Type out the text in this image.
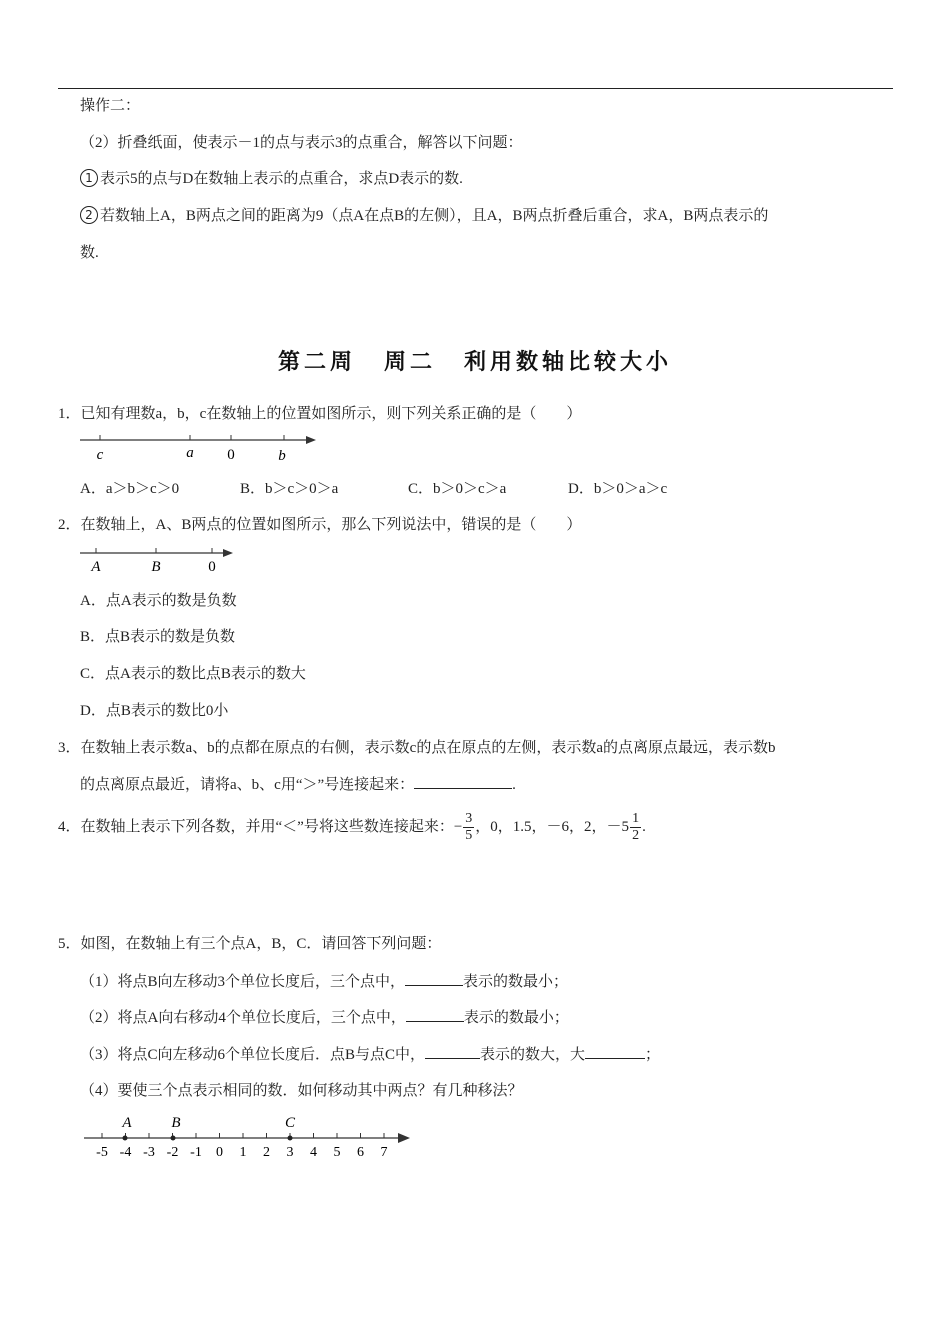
操作二：
（2）折叠纸面，使表示－1的点与表示3的点重合，解答以下问题：
1 表示5的点与D在数轴上表示的点重合，求点D表示的数.
2 若数轴上A，B两点之间的距离为9（点A在点B的左侧），且A，B两点折叠后重合，求A，B两点表示的
数.
第二周 周二 利用数轴比较大小
1．已知有理数a，b，c在数轴上的位置如图所示，则下列关系正确的是（　　）
c	a 0	b
A．a＞b＞c＞0	B．b＞c＞0＞a	C．b＞0＞c＞a	D．b＞0＞a＞c
2．在数轴上，A、B两点的位置如图所示，那么下列说法中，错误的是（　　）
A	B	0
A．点A表示的数是负数
B．点B表示的数是负数
C．点A表示的数比点B表示的数大
D．点B表示的数比0小
3．在数轴上表示数a、b的点都在原点的右侧，表示数c的点在原点的左侧，表示数a的点离原点最远，表示数b
的点离原点最近，请将a、b、c用“＞”号连接起来：	.
4．在数轴上表示下列各数，并用“＜”号将这些数连接起来：− $\frac{3}{5}$ ，0，1.5，－6，2，$-5 \frac{1}{2}$ .
5．如图，在数轴上有三个点A，B，C．请回答下列问题：
（1）将点B向左移动3个单位长度后，三个点中，	表示的数最小；
（2）将点A向右移动4个单位长度后，三个点中，	表示的数最小；
（3）将点C向左移动6个单位长度后．点B与点C中，	表示的数大，大	；
（4）要使三个点表示相同的数．如何移动其中两点？有几种移法？
-5 -4 -3 -2 -1 0 1 2 3 4 5 6 7
A	B	C
